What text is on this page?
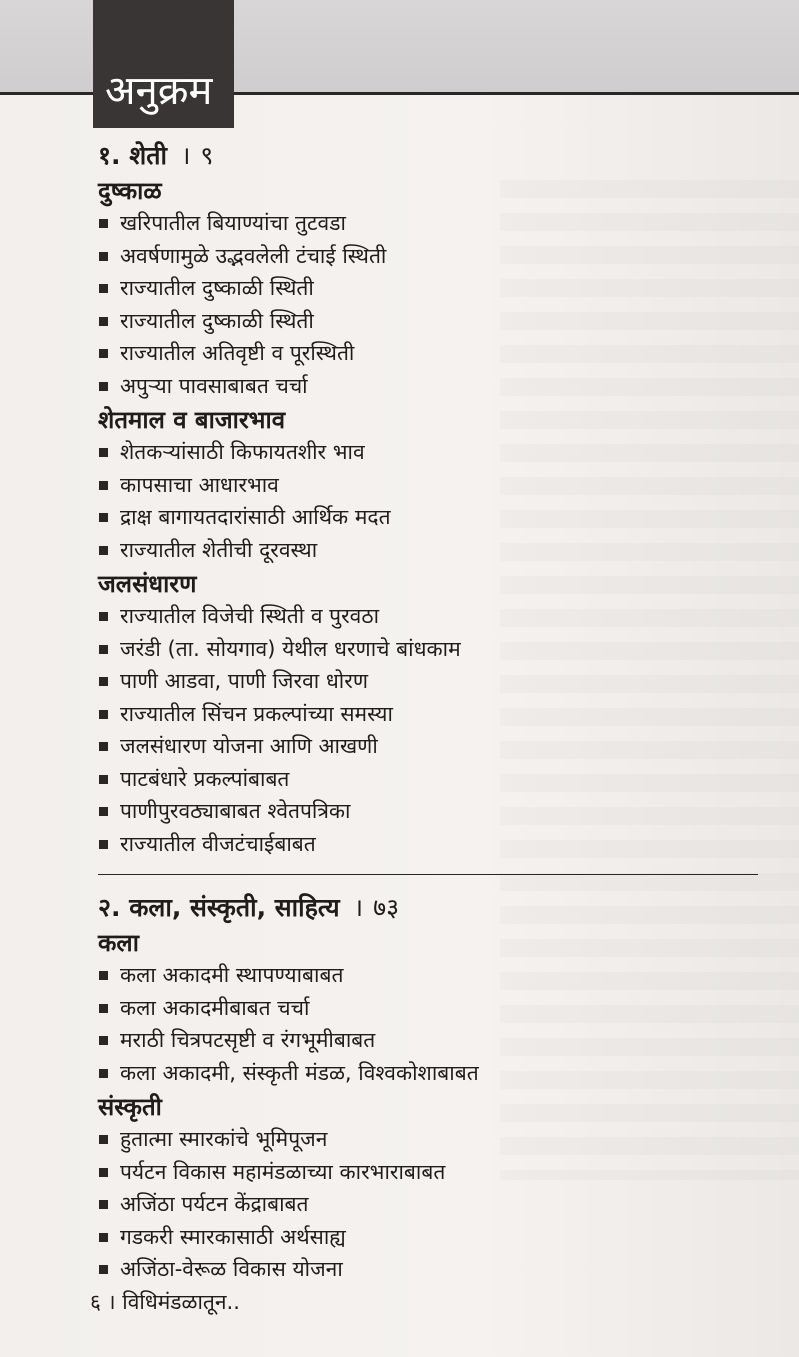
अनुक्रम
१. शेती । ९
दुष्काळ
खरिपातील बियाण्यांचा तुटवडा
अवर्षणामुळे उद्भवलेली टंचाई स्थिती
राज्यातील दुष्काळी स्थिती
राज्यातील दुष्काळी स्थिती
राज्यातील अतिवृष्टी व पूरस्थिती
अपुऱ्या पावसाबाबत चर्चा
शेतमाल व बाजारभाव
शेतकऱ्यांसाठी किफायतशीर भाव
कापसाचा आधारभाव
द्राक्ष बागायतदारांसाठी आर्थिक मदत
राज्यातील शेतीची दूरवस्था
जलसंधारण
राज्यातील विजेची स्थिती व पुरवठा
जरंडी (ता. सोयगाव) येथील धरणाचे बांधकाम
पाणी आडवा, पाणी जिरवा धोरण
राज्यातील सिंचन प्रकल्पांच्या समस्या
जलसंधारण योजना आणि आखणी
पाटबंधारे प्रकल्पांबाबत
पाणीपुरवठ्याबाबत श्वेतपत्रिका
राज्यातील वीजटंचाईबाबत
२. कला, संस्कृती, साहित्य । ७३
कला
कला अकादमी स्थापण्याबाबत
कला अकादमीबाबत चर्चा
मराठी चित्रपटसृष्टी व रंगभूमीबाबत
कला अकादमी, संस्कृती मंडळ, विश्वकोशाबाबत
संस्कृती
हुतात्मा स्मारकांचे भूमिपूजन
पर्यटन विकास महामंडळाच्या कारभाराबाबत
अजिंठा पर्यटन केंद्राबाबत
गडकरी स्मारकासाठी अर्थसाह्य
अजिंठा-वेरूळ विकास योजना
६ । विधिमंडळातून..
